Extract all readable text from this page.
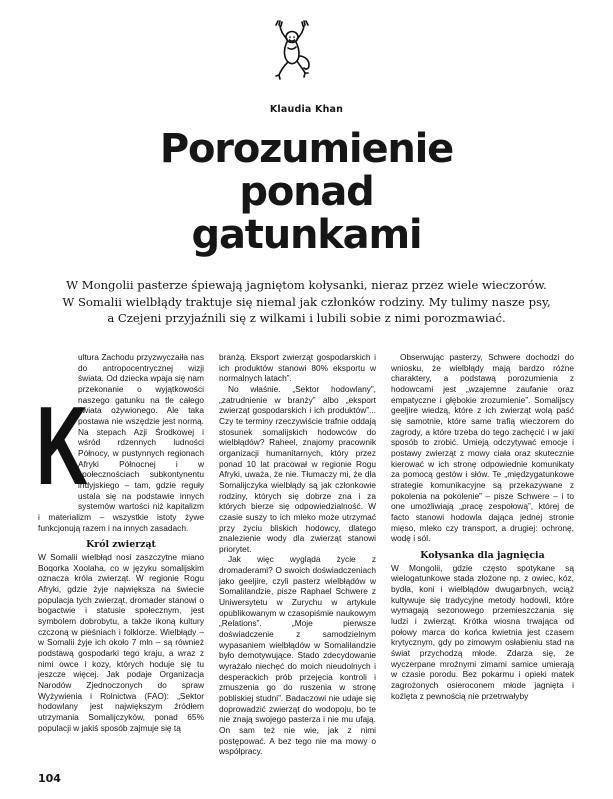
Klaudia Khan
Porozumienie
ponad
gatunkami
W Mongolii pasterze śpiewają jagniętom kołysanki, nieraz przez wiele wieczorów.
W Somalii wielbłądy traktuje się niemal jak członków rodziny. My tulimy nasze psy,
a Czejeni przyjaźnili się z wilkami i lubili sobie z nimi porozmawiać.
K

ultura Zachodu przyzwyczaiła nas do antropocentrycznej wizji świata. Od dziecka wpaja się nam przekonanie o wyjątkowości naszego gatunku na tle całego świata ożywionego. Ale taka postawa nie wszędzie jest normą. Na stepach Azji Środkowej i wśród rdzennych ludności Północy, w pustynnych regionach Afryki Północnej i w społecznościach subkontynentu indyjskiego – tam, gdzie reguły ustala się na podstawie innych systemów wartości niż kapitalizm i materializm – wszystkie istoty żywe funkcjonują razem i na innych zasadach.

Król zwierząt

W Somalii wielbłąd nosi zaszczytne miano Boqorka Xoolaha, co w języku somalijskim oznacza króla zwierząt. W regionie Rogu Afryki, gdzie żyje największa na świecie populacja tych zwierząt, dromader stanowi o bogactwie i statusie społecznym, jest symbolem dobrobytu, a także ikoną kultury czczoną w pieśniach i folklorze. Wielbłądy – w Somalii żyje ich około 7 mln – są również podstawą gospodarki tego kraju, a wraz z nimi owce i kozy, których hoduje się tu jeszcze więcej. Jak podaje Organizacja Narodów Zjednoczonych do spraw Wyżywienia i Rolnictwa (FAO): „Sektor hodowlany jest największym źródłem utrzymania Somalijczyków, ponad 65% populacji w jakiś sposób zajmuje się tą

branżą. Eksport zwierząt gospodarskich i ich produktów stanowi 80% eksportu w normalnych latach”.

No właśnie. „Sektor hodowlany”, „zatrudnienie w branży” albo „eksport zwierząt gospodarskich i ich produktów”... Czy te terminy rzeczywiście trafnie oddają stosunek somalijskich hodowców do wielbłądów? Raheel, znajomy pracownik organizacji humanitarnych, który przez ponad 10 lat pracował w regionie Rogu Afryki, uważa, że nie. Tłumaczy mi, że dla Somalijczyka wielbłądy są jak członkowie rodziny, których się dobrze zna i za których bierze się odpowiedzialność. W czasie suszy to ich mleko może utrzymać przy życiu bliskich hodowcy, dlatego znalezienie wody dla zwierząt stanowi priorytet.

Jak więc wygląda życie z dromaderami? O swoich doświadczeniach jako geeljire, czyli pasterz wielbłądów w Somalilandzie, pisze Raphael Schwere z Uniwersytetu w Zurychu w artykule opublikowanym w czasopiśmie naukowym „Relations”. „Moje pierwsze doświadczenie z samodzielnym wypasaniem wielbłądów w Somalilandzie było demotywujące. Stado zdecydowanie wyrażało niechęć do moich nieudolnych i desperackich prób przejęcia kontroli i zmuszenia go do ruszenia w stronę pobliskiej studni”. Badaczowi nie udaje się doprowadzić zwierząt do wodopoju, bo te nie znają swojego pasterza i nie mu ufają. On sam też nie wie, jak z nimi postępować. A bez tego nie ma mowy o współpracy.

Obserwując pasterzy, Schwere dochodzi do wniosku, że wielbłądy mają bardzo różne charaktery, a podstawą porozumienia z hodowcami jest „wzajemne zaufanie oraz empatyczne i głębokie zrozumienie”. Somalijscy geeljire wiedzą, które z ich zwierząt wolą paść się samotnie, które same trafią wieczorem do zagrody, a które trzeba do tego zachęcić i w jaki sposób to zrobić. Umieją odczytywać emocje i postawy zwierząt z mowy ciała oraz skutecznie kierować w ich stronę odpowiednie komunikaty za pomocą gestów i słów. Te „międzygatunkowe strategie komunikacyjne są przekazywane z pokolenia na pokolenie” – pisze Schwere – i to one umożliwiają „pracę zespołową”, której de facto stanowi hodowla dająca jednej stronie mięso, mleko czy transport, a drugiej: ochronę, wodę i sól.

Kołysanka dla jagnięcia

W Mongolii, gdzie często spotykane są wielogatunkowe stada złożone np. z owiec, kóz, bydła, koni i wielbłądów dwugarbnych, wciąż kultywuje się tradycyjne metody hodowli, które wymagają sezonowego przemieszczania się ludzi i zwierząt. Krótka wiosna trwająca od połowy marca do końca kwietnia jest czasem krytycznym, gdy po zimowym osłabieniu stad na świat przychodzą młode. Zdarza się, że wyczerpane mroźnymi zimami samice umierają w czasie porodu. Bez pokarmu i opieki matek zagrożonych osieroconem młode jagnięta i koźlęta z pewnością nie przetrwałyby

104
